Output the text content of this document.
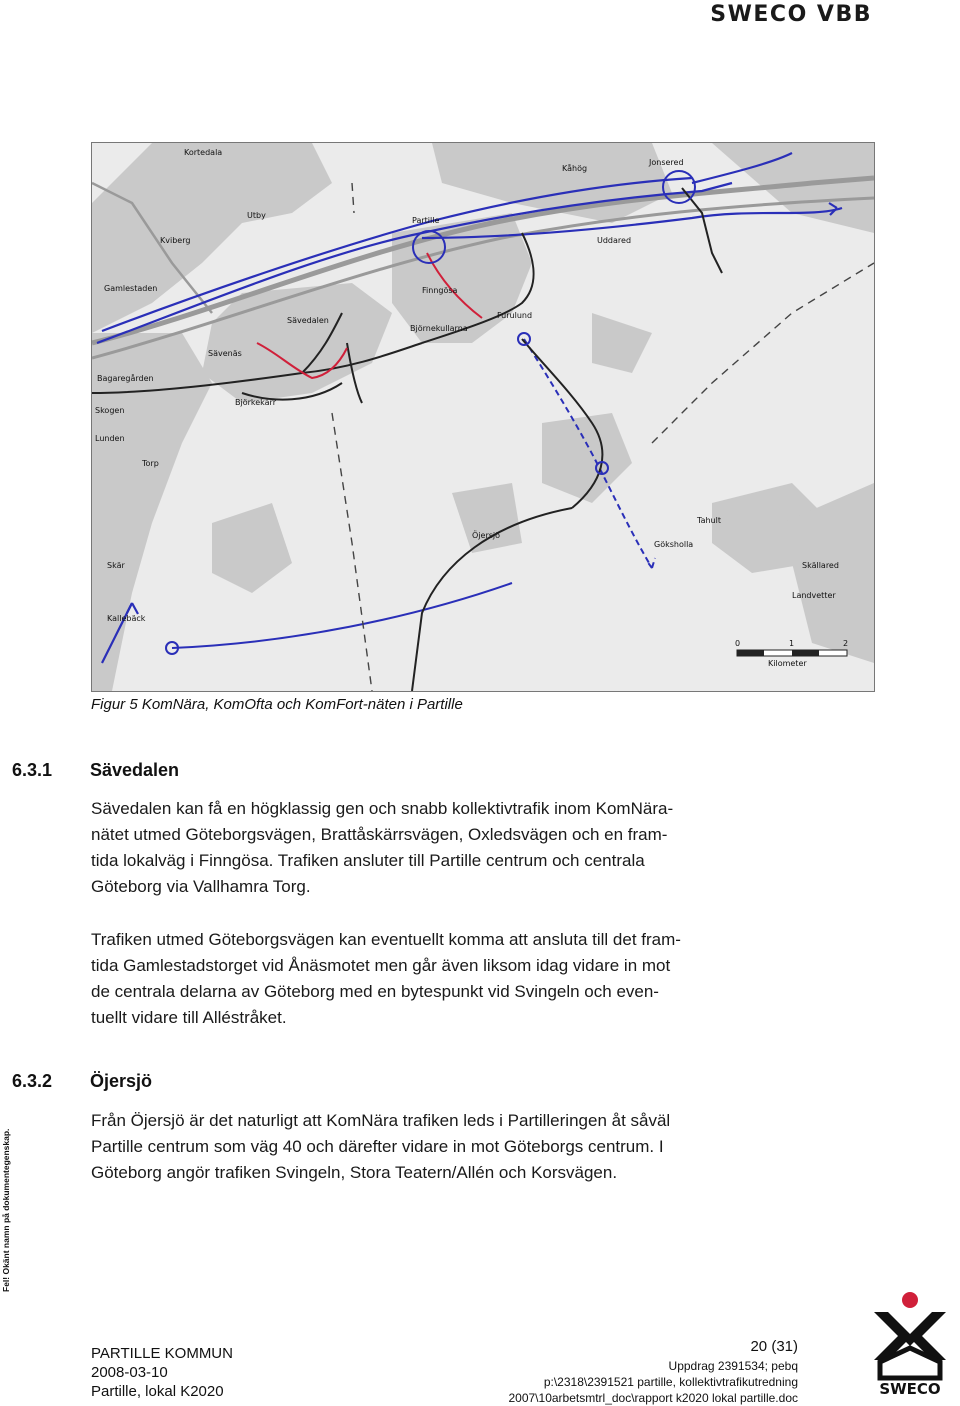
SWECO VBB
Kortedala
Utby
Kviberg
Partille
Kåhög
Jonsered
Uddared
Gamlestaden	Finngösa
Furulund
Björnekullarna
Sävedalen
Sävenäs
Bagaregården
Björkekärr
Skogen
Lunden
Torp
Öjersjö
Tahult
Göksholla
Skär	Skällared
Landvetter
Kallebäck
0	1	2
Kilometer
Figur 5 KomNära, KomOfta och KomFort-näten i Partille
6.3.1 Sävedalen
Sävedalen kan få en högklassig gen och snabb kollektivtrafik inom KomNära-
nätet utmed Göteborgsvägen, Brattåskärrsvägen, Oxledsvägen och en fram-
tida lokalväg i Finngösa. Trafiken ansluter till Partille centrum och centrala
Göteborg via Vallhamra Torg.
Trafiken utmed Göteborgsvägen kan eventuellt komma att ansluta till det fram-
tida Gamlestadstorget vid Ånäsmotet men går även liksom idag vidare in mot
de centrala delarna av Göteborg med en bytespunkt vid Svingeln och even-
tuellt vidare till Alléstråket.
6.3.2 Öjersjö
Från Öjersjö är det naturligt att KomNära trafiken leds i Partilleringen åt såväl
Partille centrum som väg 40 och därefter vidare in mot Göteborgs centrum. I
Göteborg angör trafiken Svingeln, Stora Teatern/Allén och Korsvägen.
Fel! Okänt namn på dokumentegenskap.
PARTILLE KOMMUN
2008-03-10
Partille, lokal K2020
20 (31)
Uppdrag 2391534; pebq
p:\2318\2391521 partille, kollektivtrafikutredning
2007\10arbetsmtrl_doc\rapport k2020 lokal partille.doc	SWECO
